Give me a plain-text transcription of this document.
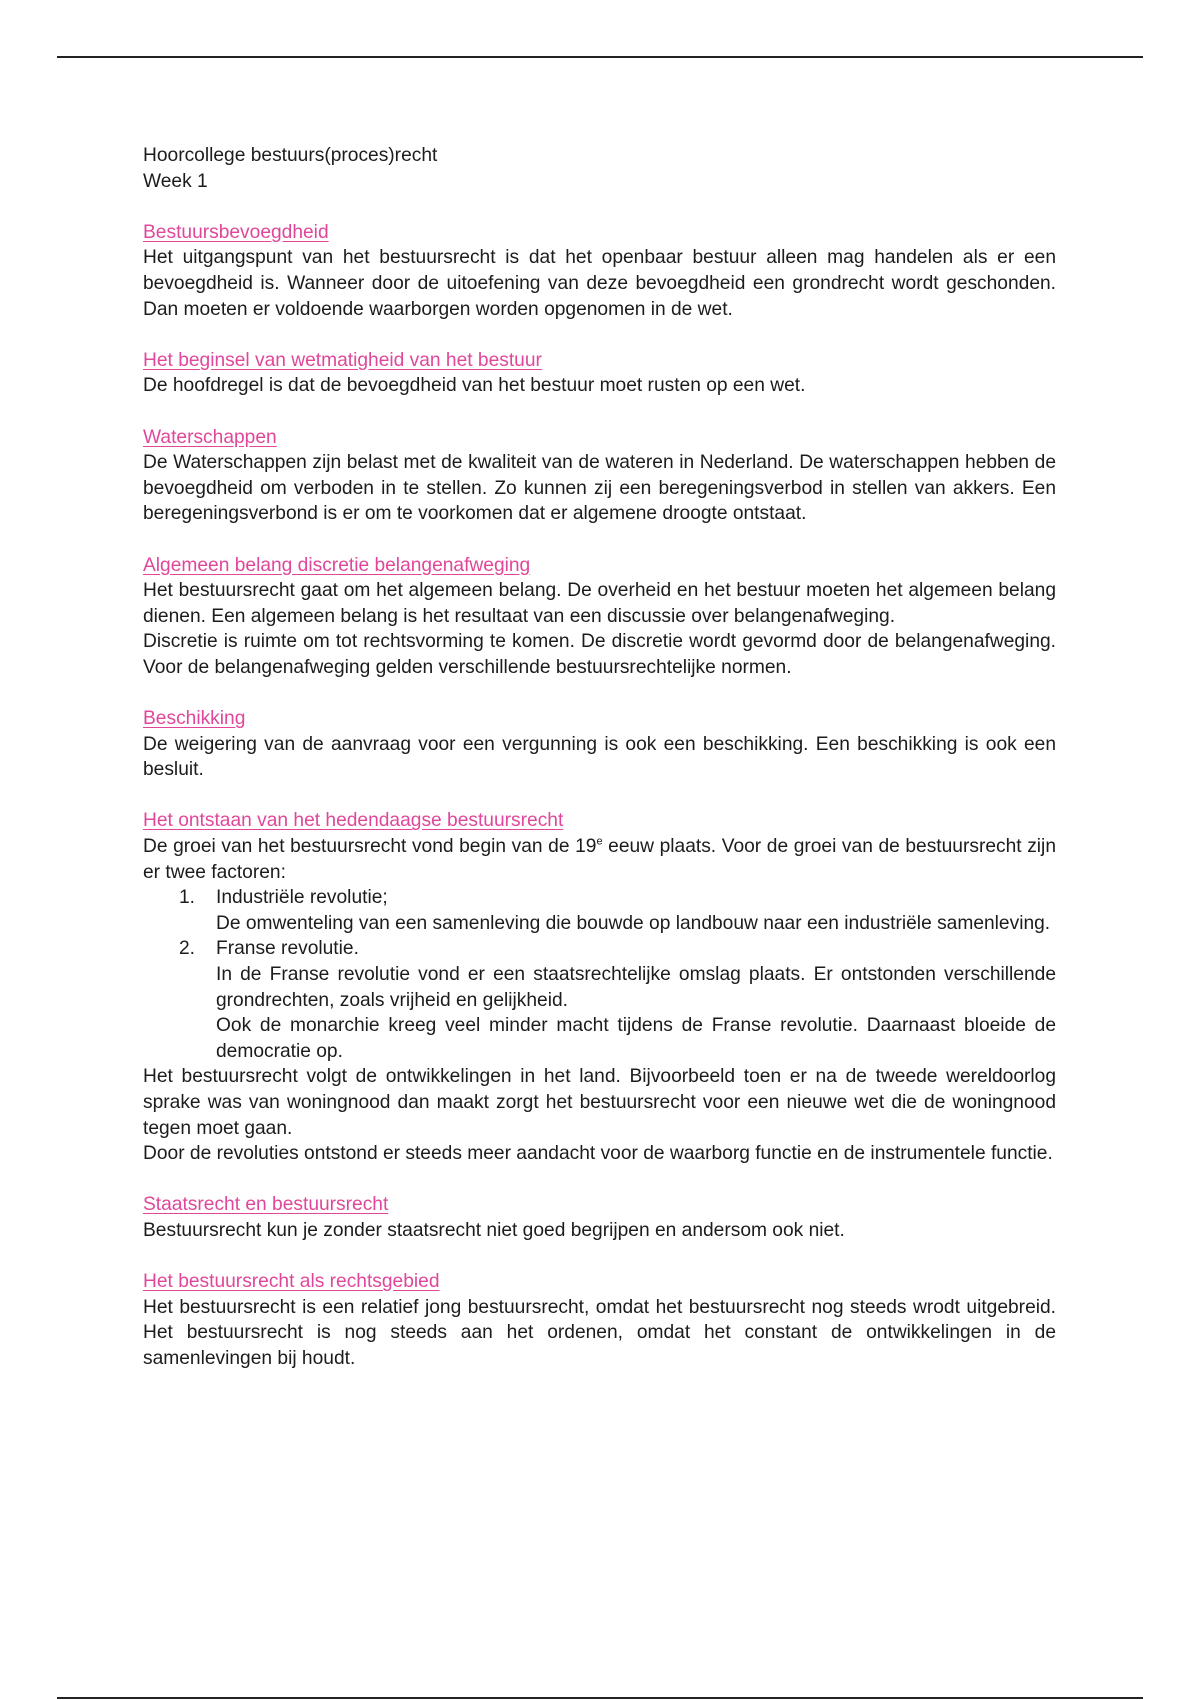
Hoorcollege bestuurs(proces)recht

Week 1

Bestuursbevoegdheid

Het uitgangspunt van het bestuursrecht is dat het openbaar bestuur alleen mag handelen als er een bevoegdheid is. Wanneer door de uitoefening van deze bevoegdheid een grondrecht wordt geschonden. Dan moeten er voldoende waarborgen worden opgenomen in de wet.

Het beginsel van wetmatigheid van het bestuur

De hoofdregel is dat de bevoegdheid van het bestuur moet rusten op een wet.

Waterschappen

De Waterschappen zijn belast met de kwaliteit van de wateren in Nederland. De waterschappen hebben de bevoegdheid om verboden in te stellen. Zo kunnen zij een beregeningsverbod in stellen van akkers. Een beregeningsverbond is er om te voorkomen dat er algemene droogte ontstaat.

Algemeen belang discretie belangenafweging

Het bestuursrecht gaat om het algemeen belang. De overheid en het bestuur moeten het algemeen belang dienen. Een algemeen belang is het resultaat van een discussie over belangenafweging.

Discretie is ruimte om tot rechtsvorming te komen. De discretie wordt gevormd door de belangenafweging. Voor de belangenafweging gelden verschillende bestuursrechtelijke normen.

Beschikking

De weigering van de aanvraag voor een vergunning is ook een beschikking. Een beschikking is ook een besluit.

Het ontstaan van het hedendaagse bestuursrecht

De groei van het bestuursrecht vond begin van de 19e eeuw plaats. Voor de groei van de bestuursrecht zijn er twee factoren:

1. Industriële revolutie;

De omwenteling van een samenleving die bouwde op landbouw naar een industriële samenleving.

2. Franse revolutie.

In de Franse revolutie vond er een staatsrechtelijke omslag plaats. Er ontstonden verschillende grondrechten, zoals vrijheid en gelijkheid.

Ook de monarchie kreeg veel minder macht tijdens de Franse revolutie. Daarnaast bloeide de democratie op.

Het bestuursrecht volgt de ontwikkelingen in het land. Bijvoorbeeld toen er na de tweede wereldoorlog sprake was van woningnood dan maakt zorgt het bestuursrecht voor een nieuwe wet die de woningnood tegen moet gaan.

Door de revoluties ontstond er steeds meer aandacht voor de waarborg functie en de instrumentele functie.

Staatsrecht en bestuursrecht

Bestuursrecht kun je zonder staatsrecht niet goed begrijpen en andersom ook niet.

Het bestuursrecht als rechtsgebied

Het bestuursrecht is een relatief jong bestuursrecht, omdat het bestuursrecht nog steeds wrodt uitgebreid. Het bestuursrecht is nog steeds aan het ordenen, omdat het constant de ontwikkelingen in de samenlevingen bij houdt.
